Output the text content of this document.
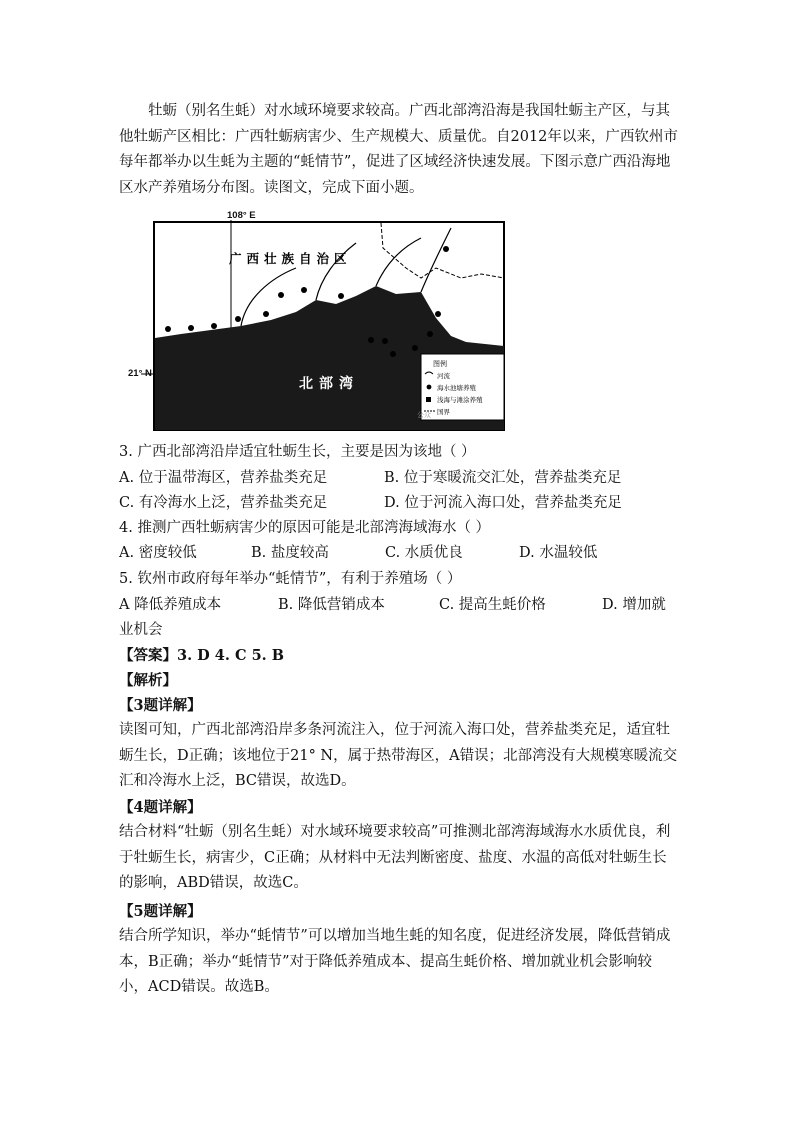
牡蛎（别名生蚝）对水域环境要求较高。广西北部湾沿海是我国牡蛎主产区，与其他牡蛎产区相比：广西牡蛎病害少、生产规模大、质量优。自2012年以来，广西钦州市每年都举办以生蚝为主题的“蚝情节”，促进了区域经济快速发展。下图示意广西沿海地区水产养殖场分布图。读图文，完成下面小题。

108° E
21° N
广西壮族自治区
北部湾
图例
河流
海水池塘养殖
浅海与滩涂养殖
国界
公众
3. 广西北部湾沿岸适宜牡蛎生长，主要是因为该地（ ）
A. 位于温带海区，营养盐类充足	B. 位于寒暖流交汇处，营养盐类充足
C. 有冷海水上泛，营养盐类充足	D. 位于河流入海口处，营养盐类充足
4. 推测广西牡蛎病害少的原因可能是北部湾海域海水（ ）
A. 密度较低	B. 盐度较高	C. 水质优良	D. 水温较低
5. 钦州市政府每年举办“蚝情节”，有利于养殖场（ ）
A 降低养殖成本	B. 降低营销成本	C. 提高生蚝价格	D. 增加就
业机会
【答案】3. D 4. C 5. B
【解析】
【3题详解】

读图可知，广西北部湾沿岸多条河流注入，位于河流入海口处，营养盐类充足，适宜牡蛎生长，D正确；该地位于21° N，属于热带海区，A错误；北部湾没有大规模寒暖流交汇和冷海水上泛，BC错误，故选D。

【4题详解】

结合材料“牡蛎（别名生蚝）对水域环境要求较高”可推测北部湾海域海水水质优良，利于牡蛎生长，病害少，C正确；从材料中无法判断密度、盐度、水温的高低对牡蛎生长的影响，ABD错误，故选C。

【5题详解】

结合所学知识，举办“蚝情节”可以增加当地生蚝的知名度，促进经济发展，降低营销成本，B正确；举办“蚝情节”对于降低养殖成本、提高生蚝价格、增加就业机会影响较小，ACD错误。故选B。
